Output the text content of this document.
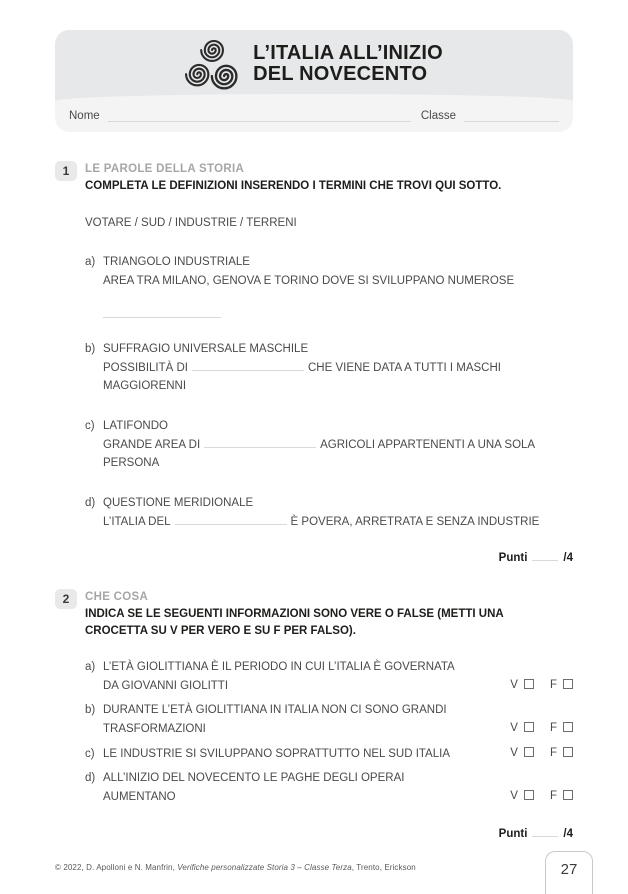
L’ITALIA ALL’INIZIO
DEL NOVECENTO
Nome	Classe
1	LE PAROLE DELLA STORIA
COMPLETA LE DEFINIZIONI INSERENDO I TERMINI CHE TROVI QUI SOTTO.
VOTARE / SUD / INDUSTRIE / TERRENI
a) TRIANGOLO INDUSTRIALE
AREA TRA MILANO, GENOVA E TORINO DOVE SI SVILUPPANO NUMEROSE
b) SUFFRAGIO UNIVERSALE MASCHILE
POSSIBILITÀ DI	CHE VIENE DATA A TUTTI I MASCHI MAGGIORENNI
c) LATIFONDO
GRANDE AREA DI	AGRICOLI APPARTENENTI A UNA SOLA PERSONA
d) QUESTIONE MERIDIONALE
L’ITALIA DEL	È POVERA, ARRETRATA E SENZA INDUSTRIE
Punti	/4
2	CHE COSA
INDICA SE LE SEGUENTI INFORMAZIONI SONO VERE O FALSE (METTI UNA CROCETTA SU V PER VERO E SU F PER FALSO).
a) L’ETÀ GIOLITTIANA È IL PERIODO IN CUI L’ITALIA È GOVERNATA
DA GIOVANNI GIOLITTI	V	F
b) DURANTE L’ETÀ GIOLITTIANA IN ITALIA NON CI SONO GRANDI
TRASFORMAZIONI	V	F
c) LE INDUSTRIE SI SVILUPPANO SOPRATTUTTO NEL SUD ITALIA	V	F
d) ALL’INIZIO DEL NOVECENTO LE PAGHE DEGLI OPERAI
AUMENTANO	V	F
Punti	/4
© 2022, D. Apolloni e N. Manfrin, Verifiche personalizzate Storia 3 – Classe Terza, Trento, Erickson	27
